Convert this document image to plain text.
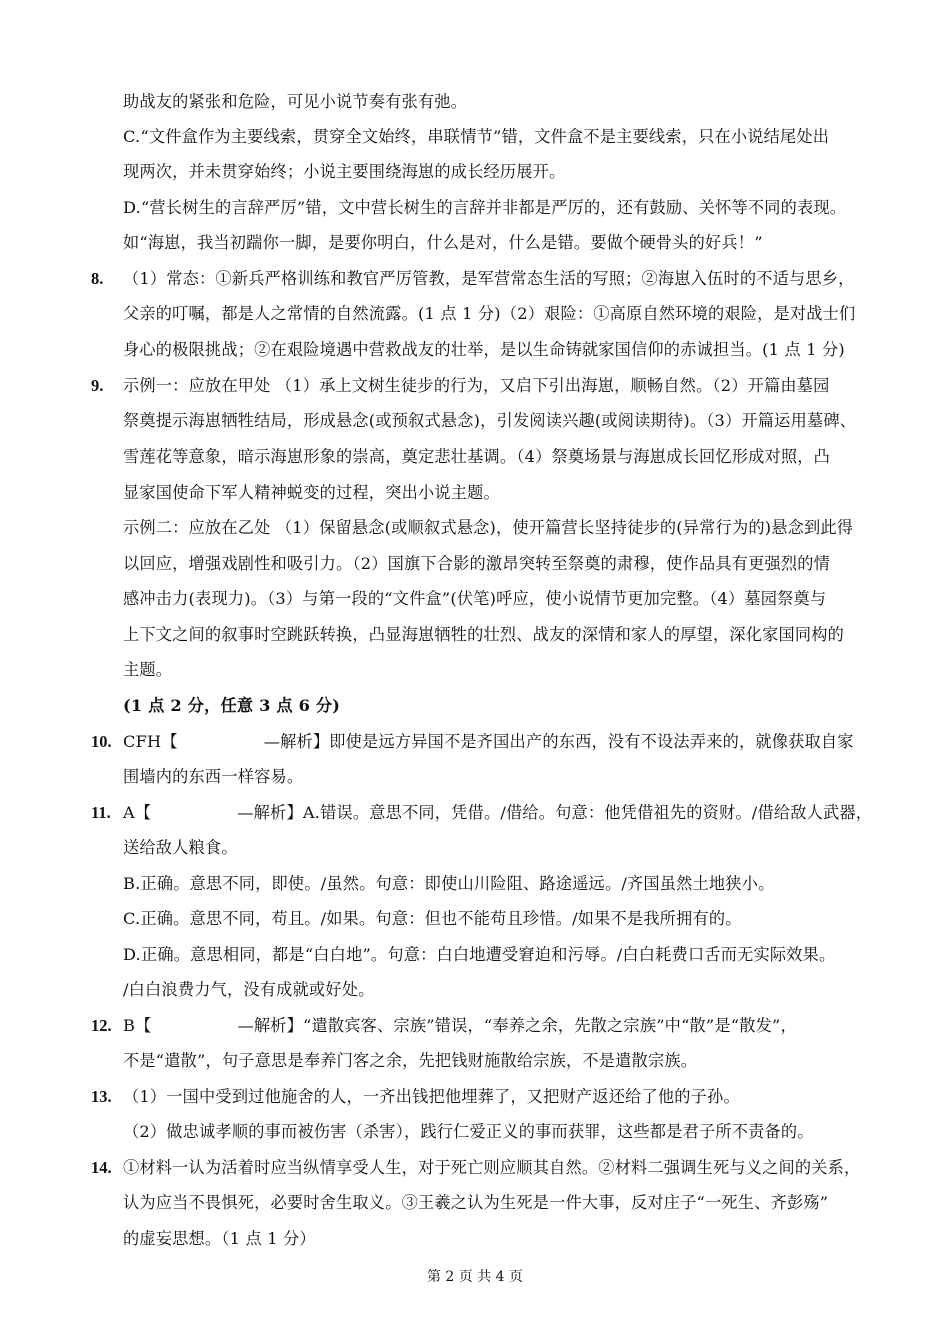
助战友的紧张和危险，可见小说节奏有张有弛。
C.“文件盒作为主要线索，贯穿全文始终，串联情节”错，文件盒不是主要线索，只在小说结尾处出
现两次，并未贯穿始终；小说主要围绕海崽的成长经历展开。
D.“营长树生的言辞严厉”错，文中营长树生的言辞并非都是严厉的，还有鼓励、关怀等不同的表现。
如“海崽，我当初踹你一脚，是要你明白，什么是对，什么是错。要做个硬骨头的好兵！”
8.	（1）常态：①新兵严格训练和教官严厉管教，是军营常态生活的写照；②海崽入伍时的不适与思乡，
父亲的叮嘱，都是人之常情的自然流露。(1 点 1 分)（2）艰险：①高原自然环境的艰险，是对战士们
身心的极限挑战；②在艰险境遇中营救战友的壮举，是以生命铸就家国信仰的赤诚担当。(1 点 1 分)
9.	示例一：应放在甲处 （1）承上文树生徒步的行为，又启下引出海崽，顺畅自然。（2）开篇由墓园
祭奠提示海崽牺牲结局，形成悬念(或预叙式悬念)，引发阅读兴趣(或阅读期待)。（3）开篇运用墓碑、
雪莲花等意象，暗示海崽形象的崇高，奠定悲壮基调。（4）祭奠场景与海崽成长回忆形成对照，凸
显家国使命下军人精神蜕变的过程，突出小说主题。
示例二：应放在乙处 （1）保留悬念(或顺叙式悬念)，使开篇营长坚持徒步的(异常行为的)悬念到此得
以回应，增强戏剧性和吸引力。（2）国旗下合影的激昂突转至祭奠的肃穆，使作品具有更强烈的情
感冲击力(表现力)。（3）与第一段的“文件盒”(伏笔)呼应，使小说情节更加完整。（4）墓园祭奠与
上下文之间的叙事时空跳跃转换，凸显海崽牺牲的壮烈、战友的深情和家人的厚望，深化家国同构的
主题。
(1 点 2 分，任意 3 点 6 分)
10. CFH【	—解析】即使是远方异国不是齐国出产的东西，没有不设法弄来的，就像获取自家
围墙内的东西一样容易。
11. A【	—解析】A.错误。意思不同，凭借。/借给。句意：他凭借祖先的资财。/借给敌人武器，
送给敌人粮食。
B.正确。意思不同，即使。/虽然。句意：即使山川险阻、路途遥远。/齐国虽然土地狭小。
C.正确。意思不同，苟且。/如果。句意：但也不能苟且珍惜。/如果不是我所拥有的。
D.正确。意思相同，都是“白白地”。句意：白白地遭受窘迫和污辱。/白白耗费口舌而无实际效果。
/白白浪费力气，没有成就或好处。
12. B【	—解析】“遣散宾客、宗族”错误，“奉养之余，先散之宗族”中“散”是“散发”，
不是“遣散”，句子意思是奉养门客之余，先把钱财施散给宗族，不是遣散宗族。
13. （1）一国中受到过他施舍的人，一齐出钱把他埋葬了，又把财产返还给了他的子孙。
（2）做忠诚孝顺的事而被伤害（杀害），践行仁爱正义的事而获罪，这些都是君子所不责备的。
14. ①材料一认为活着时应当纵情享受人生，对于死亡则应顺其自然。②材料二强调生死与义之间的关系，
认为应当不畏惧死，必要时舍生取义。③王羲之认为生死是一件大事，反对庄子“一死生、齐彭殇”
的虚妄思想。（1 点 1 分）
第 2 页 共 4 页
